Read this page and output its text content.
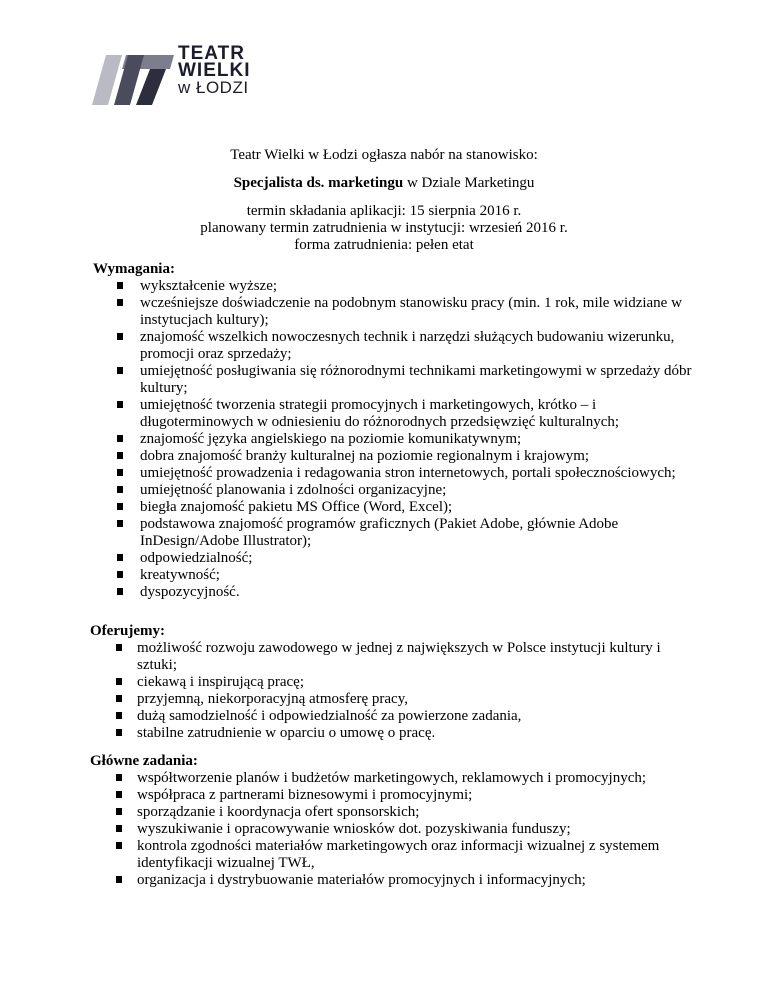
TEATR
WIELKI
w ŁODZI
Teatr Wielki w Łodzi ogłasza nabór na stanowisko:
Specjalista ds. marketingu w Dziale Marketingu
termin składania aplikacji: 15 sierpnia 2016 r.
planowany termin zatrudnienia w instytucji: wrzesień 2016 r.
forma zatrudnienia: pełen etat
Wymagania:
wykształcenie wyższe;
wcześniejsze doświadczenie na podobnym stanowisku pracy (min. 1 rok, mile widziane w instytucjach kultury);
znajomość wszelkich nowoczesnych technik i narzędzi służących budowaniu wizerunku, promocji oraz sprzedaży;
umiejętność posługiwania się różnorodnymi technikami marketingowymi w sprzedaży dóbr kultury;
umiejętność tworzenia strategii promocyjnych i marketingowych, krótko – i długoterminowych w odniesieniu do różnorodnych przedsięwzięć kulturalnych;
znajomość języka angielskiego na poziomie komunikatywnym;
dobra znajomość branży kulturalnej na poziomie regionalnym i krajowym;
umiejętność prowadzenia i redagowania stron internetowych, portali społecznościowych;
umiejętność planowania i zdolności organizacyjne;
biegła znajomość pakietu MS Office (Word, Excel);
podstawowa znajomość programów graficznych (Pakiet Adobe, głównie Adobe InDesign/Adobe Illustrator);
odpowiedzialność;
kreatywność;
dyspozycyjność.
Oferujemy:
możliwość rozwoju zawodowego w jednej z największych w Polsce instytucji kultury i sztuki;
ciekawą i inspirującą pracę;
przyjemną, niekorporacyjną atmosferę pracy,
dużą samodzielność i odpowiedzialność za powierzone zadania,
stabilne zatrudnienie w oparciu o umowę o pracę.
Główne zadania:
współtworzenie planów i budżetów marketingowych, reklamowych i promocyjnych;
współpraca z partnerami biznesowymi i promocyjnymi;
sporządzanie i koordynacja ofert sponsorskich;
wyszukiwanie i opracowywanie wniosków dot. pozyskiwania funduszy;
kontrola zgodności materiałów marketingowych oraz informacji wizualnej z systemem identyfikacji wizualnej TWŁ,
organizacja i dystrybuowanie materiałów promocyjnych i informacyjnych;
